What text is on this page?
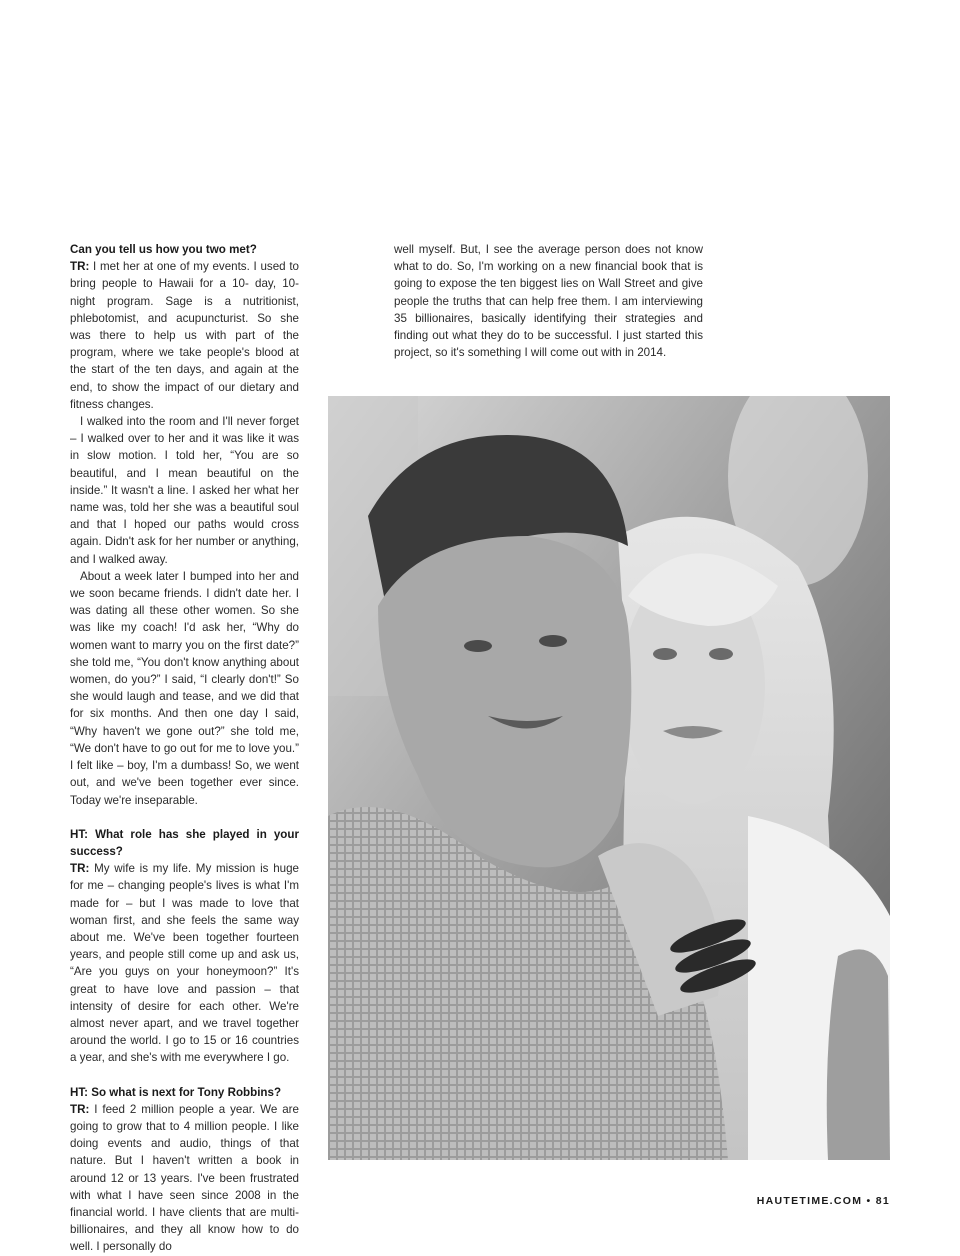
Can you tell us how you two met?

TR: I met her at one of my events. I used to bring people to Hawaii for a 10- day, 10-night program. Sage is a nutritionist, phlebotomist, and acupuncturist. So she was there to help us with part of the program, where we take people's blood at the start of the ten days, and again at the end, to show the impact of our dietary and fitness changes.

I walked into the room and I'll never forget – I walked over to her and it was like it was in slow motion. I told her, “You are so beautiful, and I mean beautiful on the inside.” It wasn't a line. I asked her what her name was, told her she was a beautiful soul and that I hoped our paths would cross again. Didn't ask for her number or anything, and I walked away.

About a week later I bumped into her and we soon became friends. I didn't date her. I was dating all these other women. So she was like my coach! I'd ask her, “Why do women want to marry you on the first date?” she told me, “You don't know anything about women, do you?” I said, “I clearly don't!” So she would laugh and tease, and we did that for six months. And then one day I said, “Why haven't we gone out?” she told me, “We don't have to go out for me to love you.” I felt like – boy, I'm a dumbass! So, we went out, and we've been together ever since. Today we're inseparable.

HT: What role has she played in your success?

TR: My wife is my life. My mission is huge for me – changing people's lives is what I'm made for – but I was made to love that woman first, and she feels the same way about me. We've been together fourteen years, and people still come up and ask us, “Are you guys on your honeymoon?” It's great to have love and passion – that intensity of desire for each other. We're almost never apart, and we travel together around the world. I go to 15 or 16 countries a year, and she's with me everywhere I go.

HT: So what is next for Tony Robbins?

TR: I feed 2 million people a year. We are going to grow that to 4 million people. I like doing events and audio, things of that nature. But I haven't written a book in around 12 or 13 years. I've been frustrated with what I have seen since 2008 in the financial world. I have clients that are multi-billionaires, and they all know how to do well. I personally do

well myself. But, I see the average person does not know what to do. So, I'm working on a new financial book that is going to expose the ten biggest lies on Wall Street and give people the truths that can help free them. I am interviewing 35 billionaires, basically identifying their strategies and finding out what they do to be successful. I just started this project, so it's something I will come out with in 2014.

HAUTETIME.COM • 81
